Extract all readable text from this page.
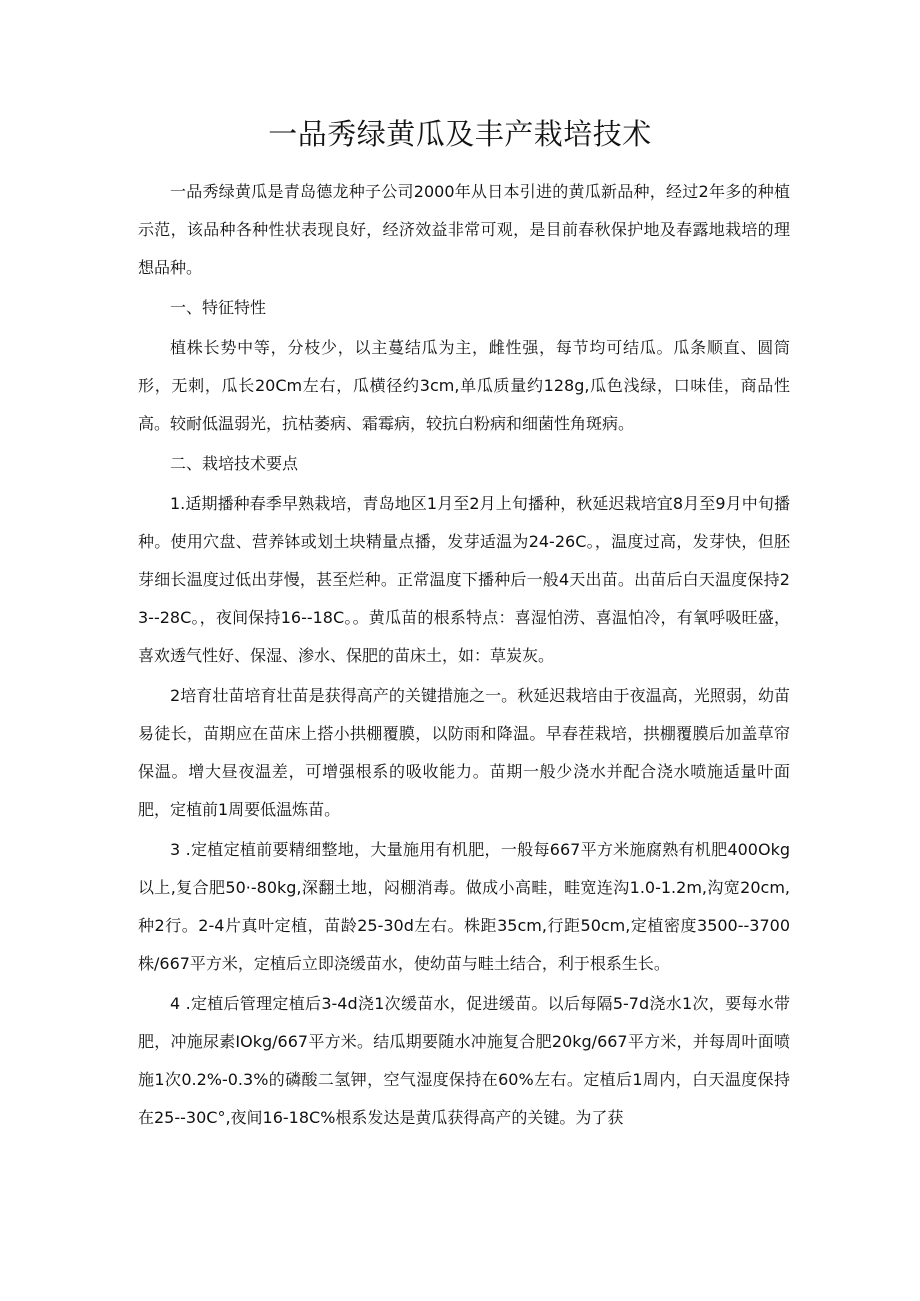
一品秀绿黄瓜及丰产栽培技术

一品秀绿黄瓜是青岛德龙种子公司2000年从日本引进的黄瓜新品种，经过2年多的种植示范，该品种各种性状表现良好，经济效益非常可观，是目前春秋保护地及春露地栽培的理想品种。

一、特征特性

植株长势中等，分枝少，以主蔓结瓜为主，雌性强，每节均可结瓜。瓜条顺直、圆筒形，无刺，瓜长20Cm左右，瓜横径约3cm,单瓜质量约128g,瓜色浅绿，口味佳，商品性高。较耐低温弱光，抗枯萎病、霜霉病，较抗白粉病和细菌性角斑病。

二、栽培技术要点

1.适期播种春季早熟栽培，青岛地区1月至2月上旬播种，秋延迟栽培宜8月至9月中旬播种。使用穴盘、营养钵或划土块精量点播，发芽适温为24-26C。，温度过高，发芽快，但胚芽细长温度过低出芽慢，甚至烂种。正常温度下播种后一般4天出苗。出苗后白天温度保持23--28C。，夜间保持16--18C。。黄瓜苗的根系特点：喜湿怕涝、喜温怕冷，有氧呼吸旺盛，喜欢透气性好、保湿、渗水、保肥的苗床土，如：草炭灰。

2培育壮苗培育壮苗是获得高产的关键措施之一。秋延迟栽培由于夜温高，光照弱，幼苗易徒长，苗期应在苗床上搭小拱棚覆膜，以防雨和降温。早春茬栽培，拱棚覆膜后加盖草帘保温。增大昼夜温差，可增强根系的吸收能力。苗期一般少浇水并配合浇水喷施适量叶面肥，定植前1周要低温炼苗。

3 .定植定植前要精细整地，大量施用有机肥，一般每667平方米施腐熟有机肥400Okg以上,复合肥50·-80kg,深翻土地，闷棚消毒。做成小高畦，畦宽连沟1.0-1.2m,沟宽20cm,种2行。2-4片真叶定植，苗龄25-30d左右。株距35cm,行距50cm,定植密度3500--3700株/667平方米，定植后立即浇缓苗水，使幼苗与畦土结合，利于根系生长。

4 .定植后管理定植后3-4d浇1次缓苗水，促进缓苗。以后每隔5-7d浇水1次，要每水带肥，冲施尿素IOkg/667平方米。结瓜期要随水冲施复合肥20kg/667平方米，并每周叶面喷施1次0.2%-0.3%的磷酸二氢钾，空气湿度保持在60%左右。定植后1周内，白天温度保持在25--30C°,夜间16-18C%根系发达是黄瓜获得高产的关键。为了获
